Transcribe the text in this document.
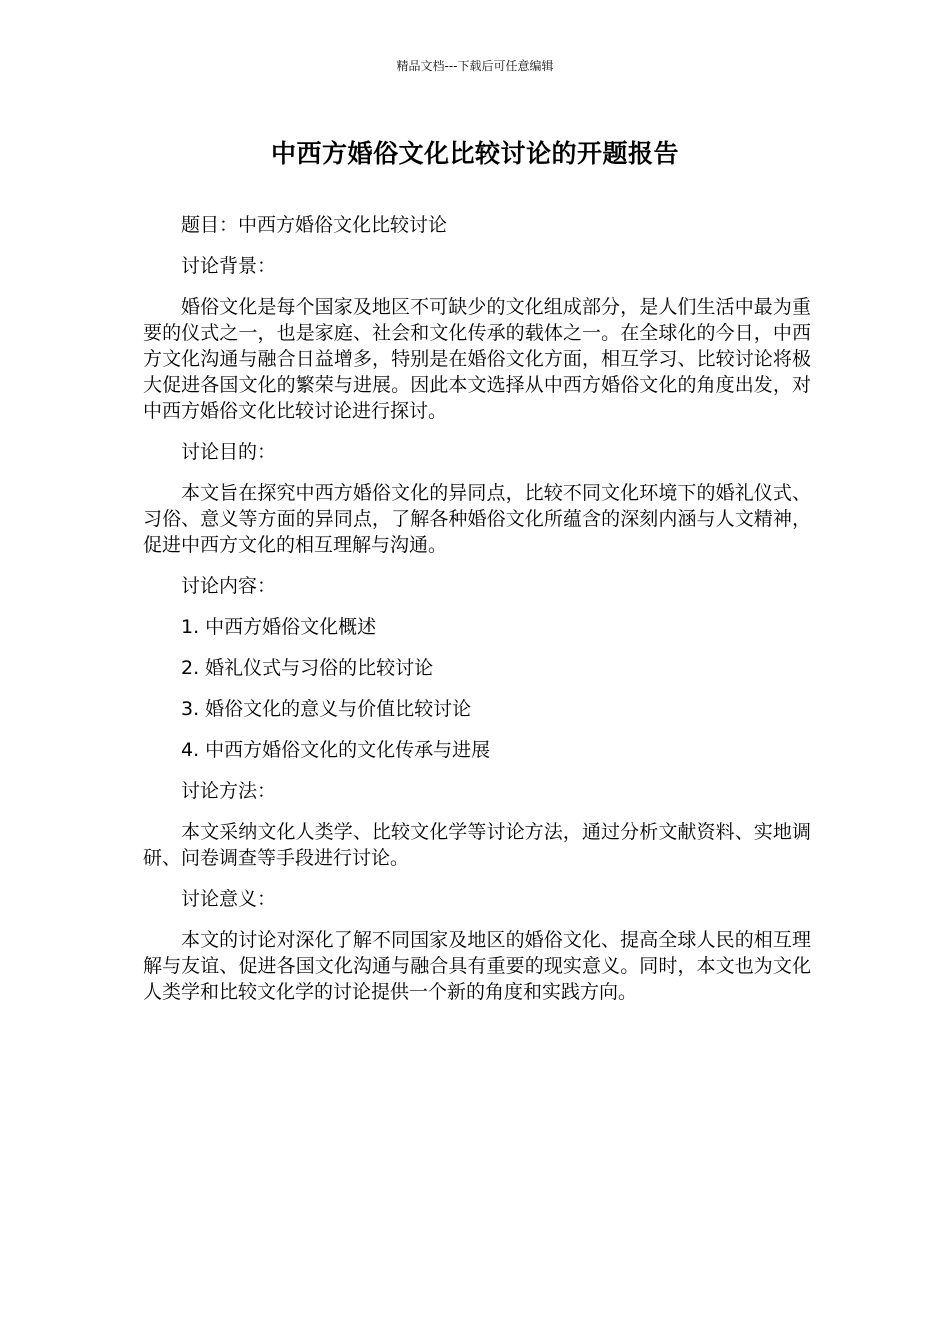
精品文档---下载后可任意编辑
中西方婚俗文化比较讨论的开题报告

题目：中西方婚俗文化比较讨论

讨论背景：

婚俗文化是每个国家及地区不可缺少的文化组成部分，是人们生活中最为重要的仪式之一，也是家庭、社会和文化传承的载体之一。在全球化的今日，中西方文化沟通与融合日益增多，特别是在婚俗文化方面，相互学习、比较讨论将极大促进各国文化的繁荣与进展。因此本文选择从中西方婚俗文化的角度出发，对中西方婚俗文化比较讨论进行探讨。

讨论目的：

本文旨在探究中西方婚俗文化的异同点，比较不同文化环境下的婚礼仪式、习俗、意义等方面的异同点，了解各种婚俗文化所蕴含的深刻内涵与人文精神，促进中西方文化的相互理解与沟通。

讨论内容：

1. 中西方婚俗文化概述

2. 婚礼仪式与习俗的比较讨论

3. 婚俗文化的意义与价值比较讨论

4. 中西方婚俗文化的文化传承与进展

讨论方法：

本文采纳文化人类学、比较文化学等讨论方法，通过分析文献资料、实地调研、问卷调查等手段进行讨论。

讨论意义：

本文的讨论对深化了解不同国家及地区的婚俗文化、提高全球人民的相互理解与友谊、促进各国文化沟通与融合具有重要的现实意义。同时，本文也为文化人类学和比较文化学的讨论提供一个新的角度和实践方向。
